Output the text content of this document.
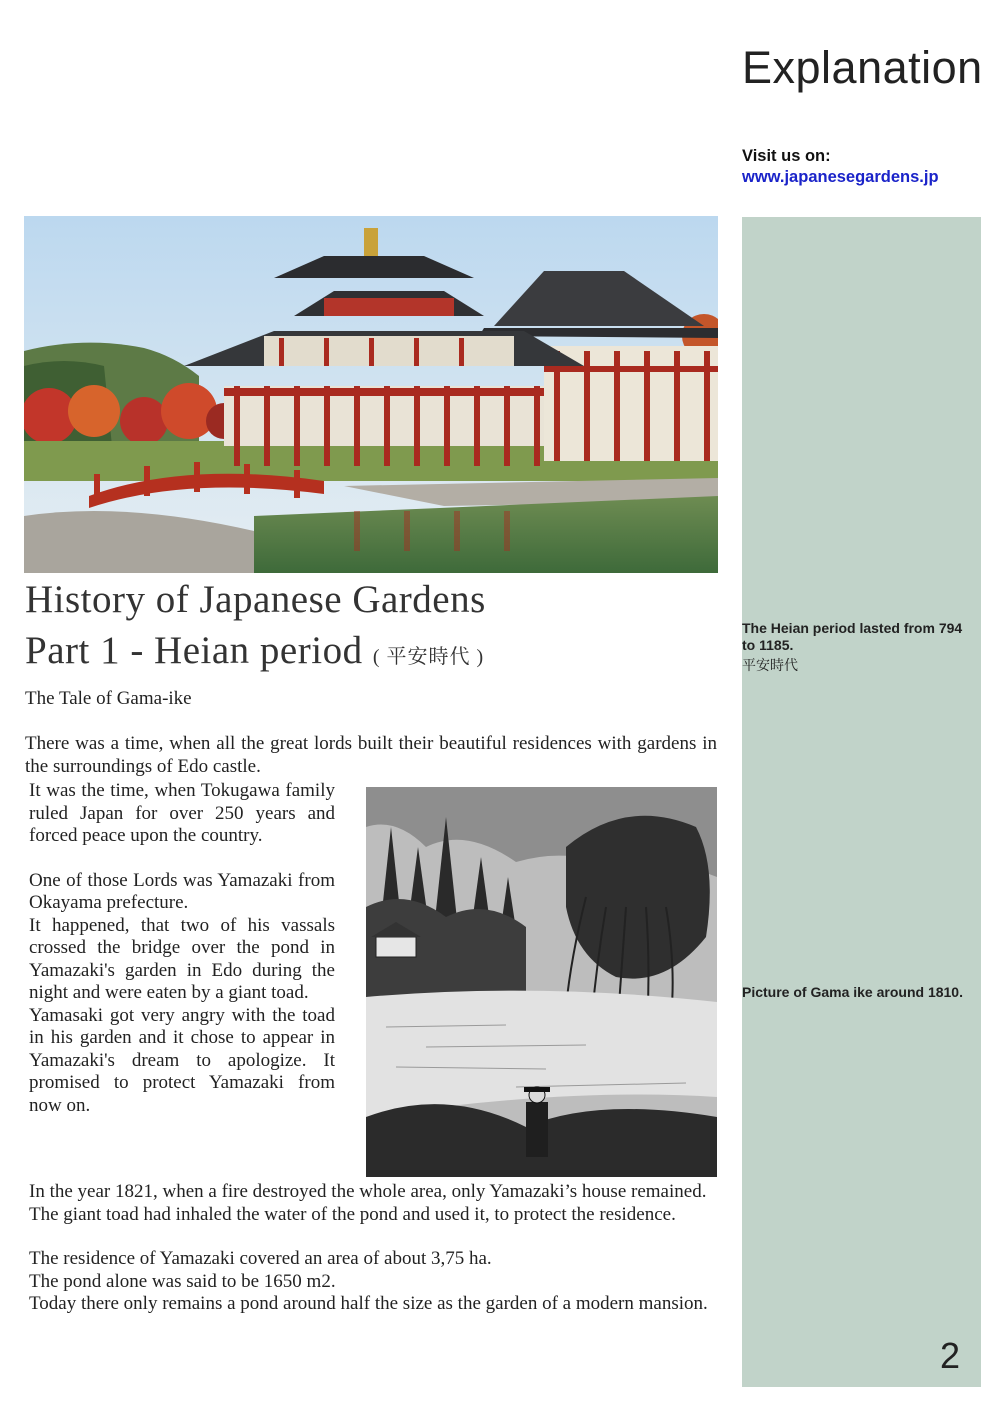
Explanation
Visit us on:
www.japanesegardens.jp
The Heian period lasted from 794 to 1185.
平安時代
Picture of Gama ike around 1810.
2
History of Japanese Gardens
Part 1 - Heian period ( 平安時代 )
The Tale of Gama-ike

There was a time, when all the great lords built their beautiful residences with gardens in the surroundings of Edo castle.

It was the time, when Tokugawa family ruled Japan for over 250 years and forced peace upon the country.

One of those Lords was Yamazaki from Okayama prefecture.

It happened, that two of his vassals crossed the bridge over the pond in Yamazaki's garden in Edo during the night and were eaten by a giant toad.

Yamasaki got very angry with the toad in his garden and it chose to appear in Yamazaki's dream to apologize. It promised to protect Yamazaki from now on.

In the year 1821, when a fire destroyed the whole area, only Yamazaki’s house remained.

The giant toad had inhaled the water of the pond and used it, to protect the residence.

The residence of Yamazaki covered an area of about 3,75 ha.

The pond alone was said to be 1650 m2.

Today there only remains a pond around half the size as the garden of a modern mansion.
